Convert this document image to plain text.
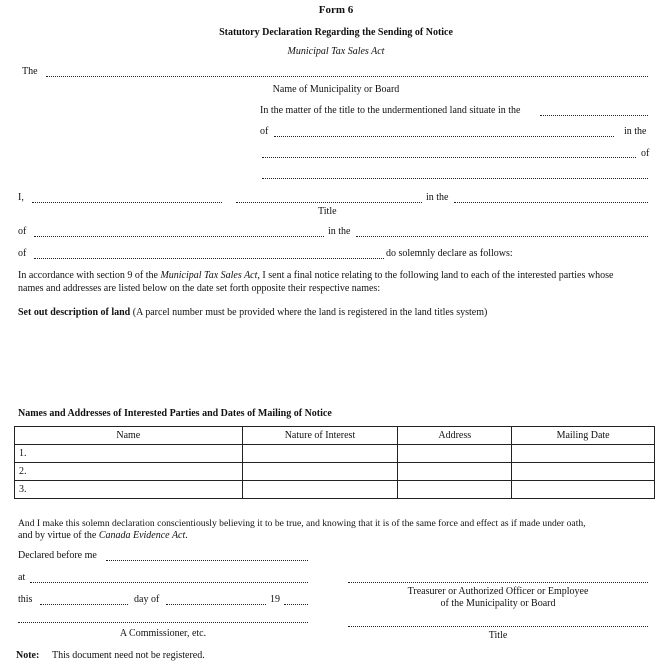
Form 6
Statutory Declaration Regarding the Sending of Notice
Municipal Tax Sales Act
The
Name of Municipality or Board
In the matter of the title to the undermentioned land situate in the
of	in the
of
I,	in the
Title
of	in the
of	do solemnly declare as follows:
In accordance with section 9 of the Municipal Tax Sales Act, I sent a final notice relating to the following land to each of the interested parties whose
names and addresses are listed below on the date set forth opposite their respective names:
Set out description of land (A parcel number must be provided where the land is registered in the land titles system)
Names and Addresses of Interested Parties and Dates of Mailing of Notice
Name	Nature of Interest	Address	Mailing Date
1.			
2.			
3.			
And I make this solemn declaration conscientiously believing it to be true, and knowing that it is of the same force and effect as if made under oath,
and by virtue of the Canada Evidence Act.
Declared before me
at
this	day of	19
Treasurer or Authorized Officer or Employee
of the Municipality or Board
A Commissioner, etc.	Title
Note: This document need not be registered.
